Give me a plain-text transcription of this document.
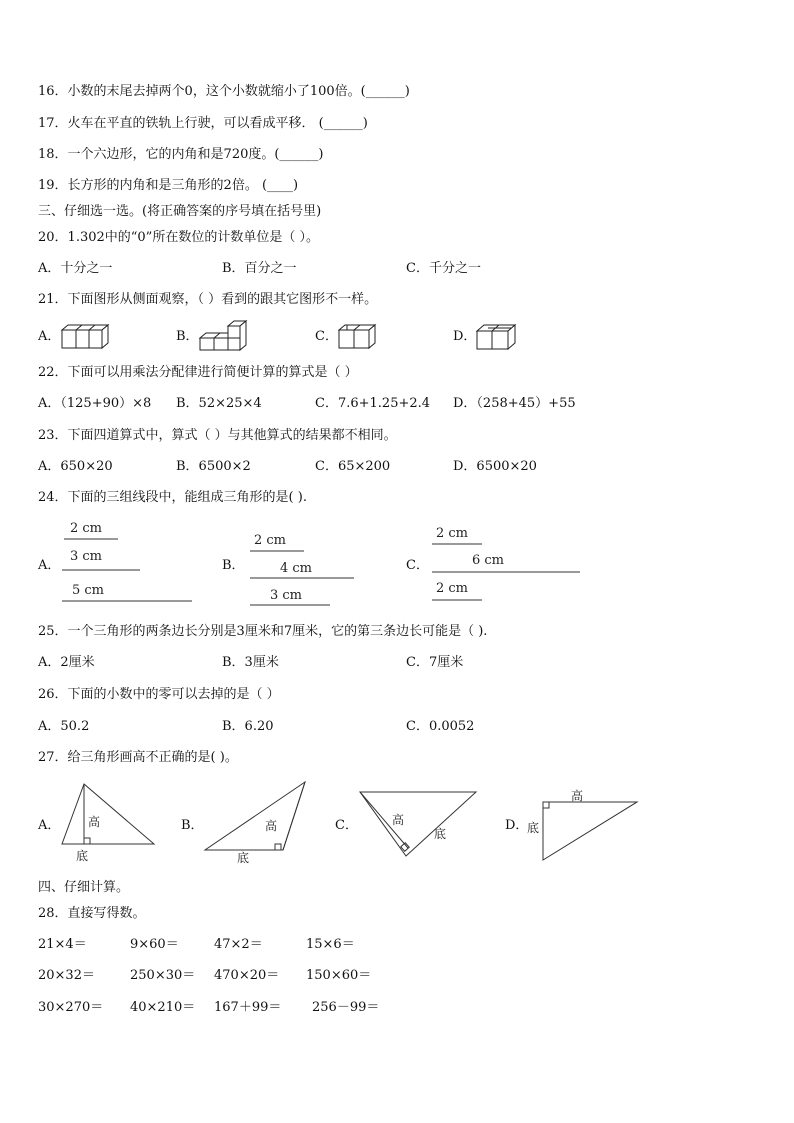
16．小数的末尾去掉两个0，这个小数就缩小了100倍。(______)
17．火车在平直的铁轨上行驶，可以看成平移． (______)
18．一个六边形，它的内角和是720度。(______)
19．长方形的内角和是三角形的2倍。 (____)
三、仔细选一选。(将正确答案的序号填在括号里)
20．1.302中的“0”所在数位的计数单位是（ ）。
A．十分之一	B．百分之一	C．千分之一
21．下面图形从侧面观察，（ ）看到的跟其它图形不一样。
A．	B．	C．	D．
22．下面可以用乘法分配律进行简便计算的算式是（ ）
A．（125+90）×8 B．52×25×4	C．7.6+1.25+2.4 D．（258+45）+55
23．下面四道算式中，算式（ ）与其他算式的结果都不相同。
A．650×20	B．6500×2	C．65×200	D．6500×20
24．下面的三组线段中，能组成三角形的是( ).
A．	B．	C．
2 cm
3 cm
5 cm
2 cm
4 cm
3 cm
2 cm
6 cm
2 cm
25．一个三角形的两条边长分别是3厘米和7厘米，它的第三条边长可能是（ ).
A．2厘米	B．3厘米	C．7厘米
26．下面的小数中的零可以去掉的是（ ）
A．50.2	B．6.20	C．0.0052
27．给三角形画高不正确的是( )。
A．	B．	C．	D．
高
底
高
底
高
底
高
底
四、仔细计算。
28．直接写得数。
21×4＝	9×60＝	47×2＝	15×6＝
20×32＝	250×30＝ 470×20＝ 150×60＝
30×270＝ 40×210＝ 167＋99＝ 256－99＝
